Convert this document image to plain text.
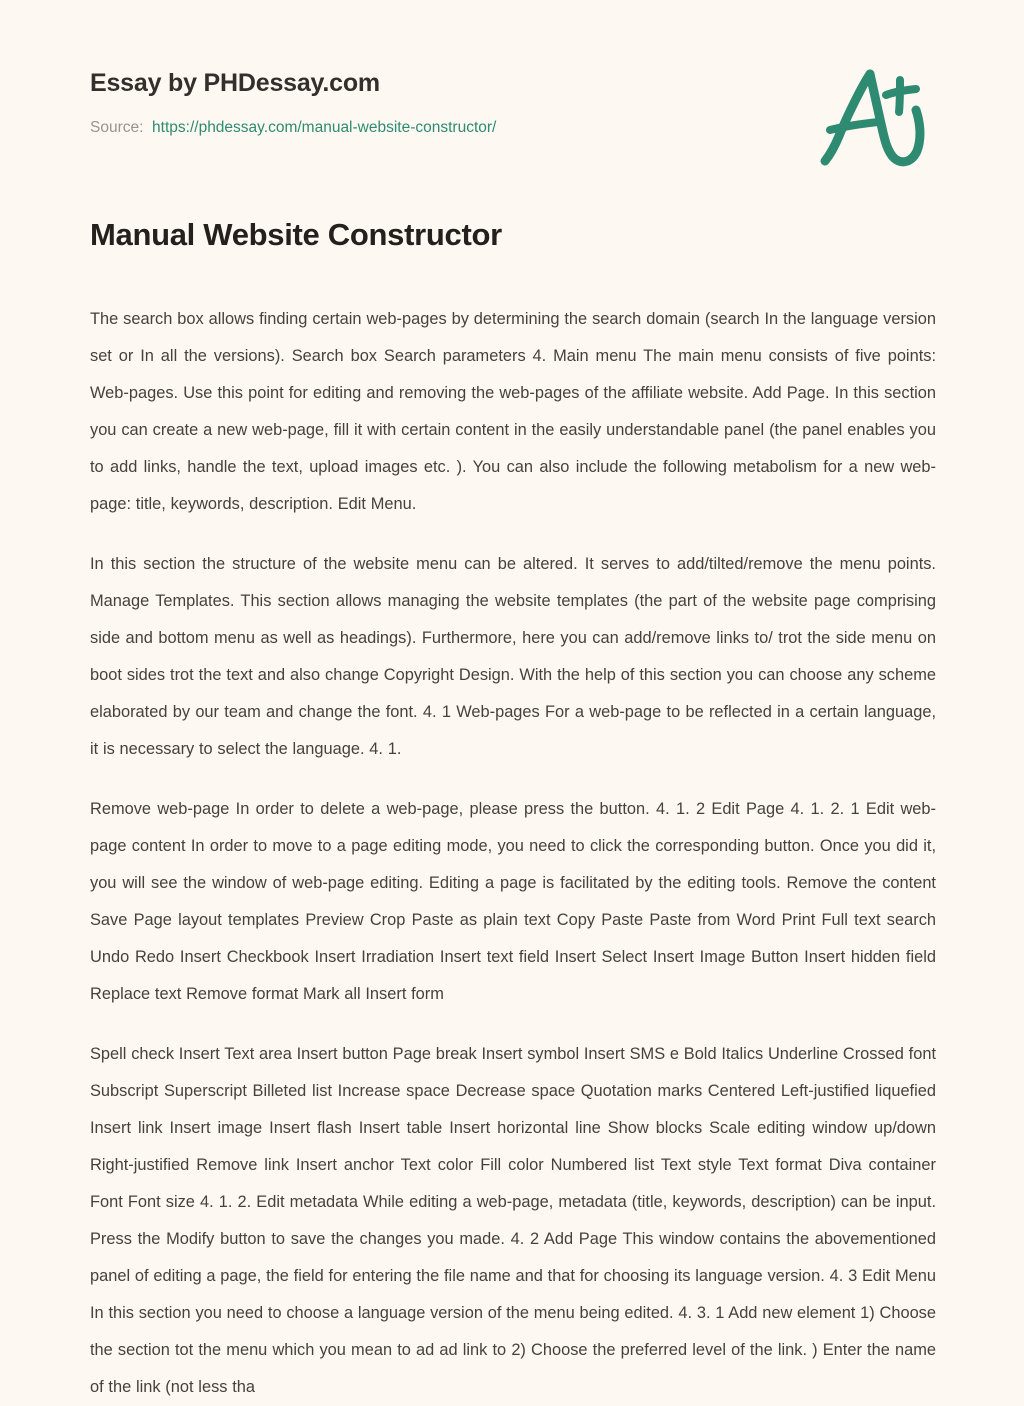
Essay by PHDessay.com
Source: https://phdessay.com/manual-website-constructor/
Manual Website Constructor

The search box allows finding certain web-pages by determining the search domain (search In the language version set or In all the versions). Search box Search parameters 4. Main menu The main menu consists of five points: Web-pages. Use this point for editing and removing the web-pages of the affiliate website. Add Page. In this section you can create a new web-page, fill it with certain content in the easily understandable panel (the panel enables you to add links, handle the text, upload images etc. ). You can also include the following metabolism for a new web-page: title, keywords, description. Edit Menu.

In this section the structure of the website menu can be altered. It serves to add/tilted/remove the menu points. Manage Templates. This section allows managing the website templates (the part of the website page comprising side and bottom menu as well as headings). Furthermore, here you can add/remove links to/ trot the side menu on boot sides trot the text and also change Copyright Design. With the help of this section you can choose any scheme elaborated by our team and change the font. 4. 1 Web-pages For a web-page to be reflected in a certain language, it is necessary to select the language. 4. 1.

Remove web-page In order to delete a web-page, please press the button. 4. 1. 2 Edit Page 4. 1. 2. 1 Edit web-page content In order to move to a page editing mode, you need to click the corresponding button. Once you did it, you will see the window of web-page editing. Editing a page is facilitated by the editing tools. Remove the content Save Page layout templates Preview Crop Paste as plain text Copy Paste Paste from Word Print Full text search Undo Redo Insert Checkbook Insert Irradiation Insert text field Insert Select Insert Image Button Insert hidden field Replace text Remove format Mark all Insert form

Spell check Insert Text area Insert button Page break Insert symbol Insert SMS e Bold Italics Underline Crossed font Subscript Superscript Billeted list Increase space Decrease space Quotation marks Centered Left-justified liquefied Insert link Insert image Insert flash Insert table Insert horizontal line Show blocks Scale editing window up/down Right-justified Remove link Insert anchor Text color Fill color Numbered list Text style Text format Diva container Font Font size 4. 1. 2. Edit metadata While editing a web-page, metadata (title, keywords, description) can be input. Press the Modify button to save the changes you made. 4. 2 Add Page This window contains the abovementioned panel of editing a page, the field for entering the file name and that for choosing its language version. 4. 3 Edit Menu In this section you need to choose a language version of the menu being edited. 4. 3. 1 Add new element 1) Choose the section tot the menu which you mean to ad ad link to 2) Choose the preferred level of the link. ) Enter the name of the link (not less tha
